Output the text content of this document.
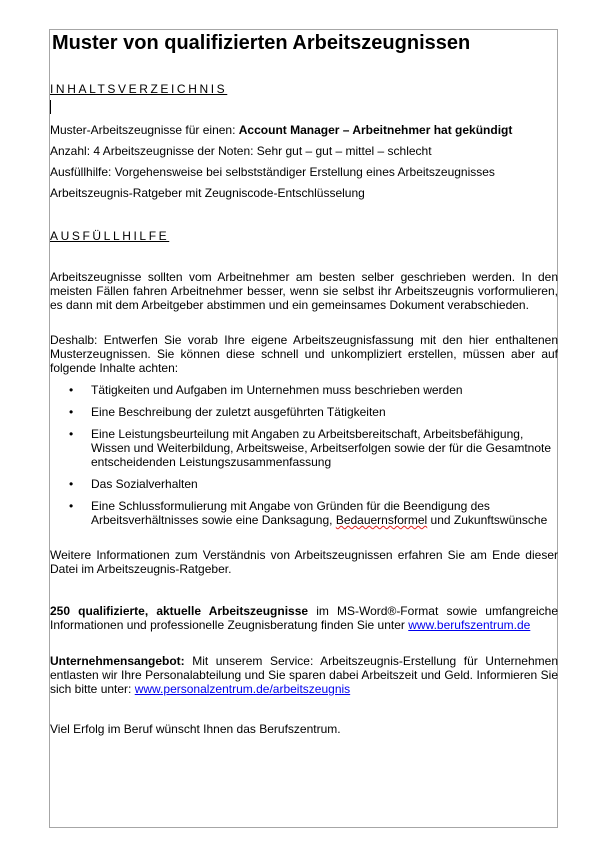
Muster von qualifizierten Arbeitszeugnissen
INHALTSVERZEICHNIS
Muster-Arbeitszeugnisse für einen: Account Manager – Arbeitnehmer hat gekündigt
Anzahl: 4 Arbeitszeugnisse der Noten: Sehr gut – gut – mittel – schlecht
Ausfüllhilfe: Vorgehensweise bei selbstständiger Erstellung eines Arbeitszeugnisses
Arbeitszeugnis-Ratgeber mit Zeugniscode-Entschlüsselung
AUSFÜLLHILFE
Arbeitszeugnisse sollten vom Arbeitnehmer am besten selber geschrieben werden. In den meisten Fällen fahren Arbeitnehmer besser, wenn sie selbst ihr Arbeitszeugnis vorformulieren, es dann mit dem Arbeitgeber abstimmen und ein gemeinsames Dokument verabschieden.
Deshalb: Entwerfen Sie vorab Ihre eigene Arbeitszeugnisfassung mit den hier enthaltenen Musterzeugnissen. Sie können diese schnell und unkompliziert erstellen, müssen aber auf folgende Inhalte achten:
• Tätigkeiten und Aufgaben im Unternehmen muss beschrieben werden
• Eine Beschreibung der zuletzt ausgeführten Tätigkeiten
• Eine Leistungsbeurteilung mit Angaben zu Arbeitsbereitschaft, Arbeitsbefähigung, Wissen und Weiterbildung, Arbeitsweise, Arbeitserfolgen sowie der für die Gesamtnote entscheidenden Leistungszusammenfassung
• Das Sozialverhalten
• Eine Schlussformulierung mit Angabe von Gründen für die Beendigung des Arbeitsverhältnisses sowie eine Danksagung, Bedauernsformel und Zukunftswünsche
Weitere Informationen zum Verständnis von Arbeitszeugnissen erfahren Sie am Ende dieser Datei im Arbeitszeugnis-Ratgeber.
250 qualifizierte, aktuelle Arbeitszeugnisse im MS-Word®-Format sowie umfangreiche Informationen und professionelle Zeugnisberatung finden Sie unter www.berufszentrum.de
Unternehmensangebot: Mit unserem Service: Arbeitszeugnis-Erstellung für Unternehmen entlasten wir Ihre Personalabteilung und Sie sparen dabei Arbeitszeit und Geld. Informieren Sie sich bitte unter: www.personalzentrum.de/arbeitszeugnis
Viel Erfolg im Beruf wünscht Ihnen das Berufszentrum.
